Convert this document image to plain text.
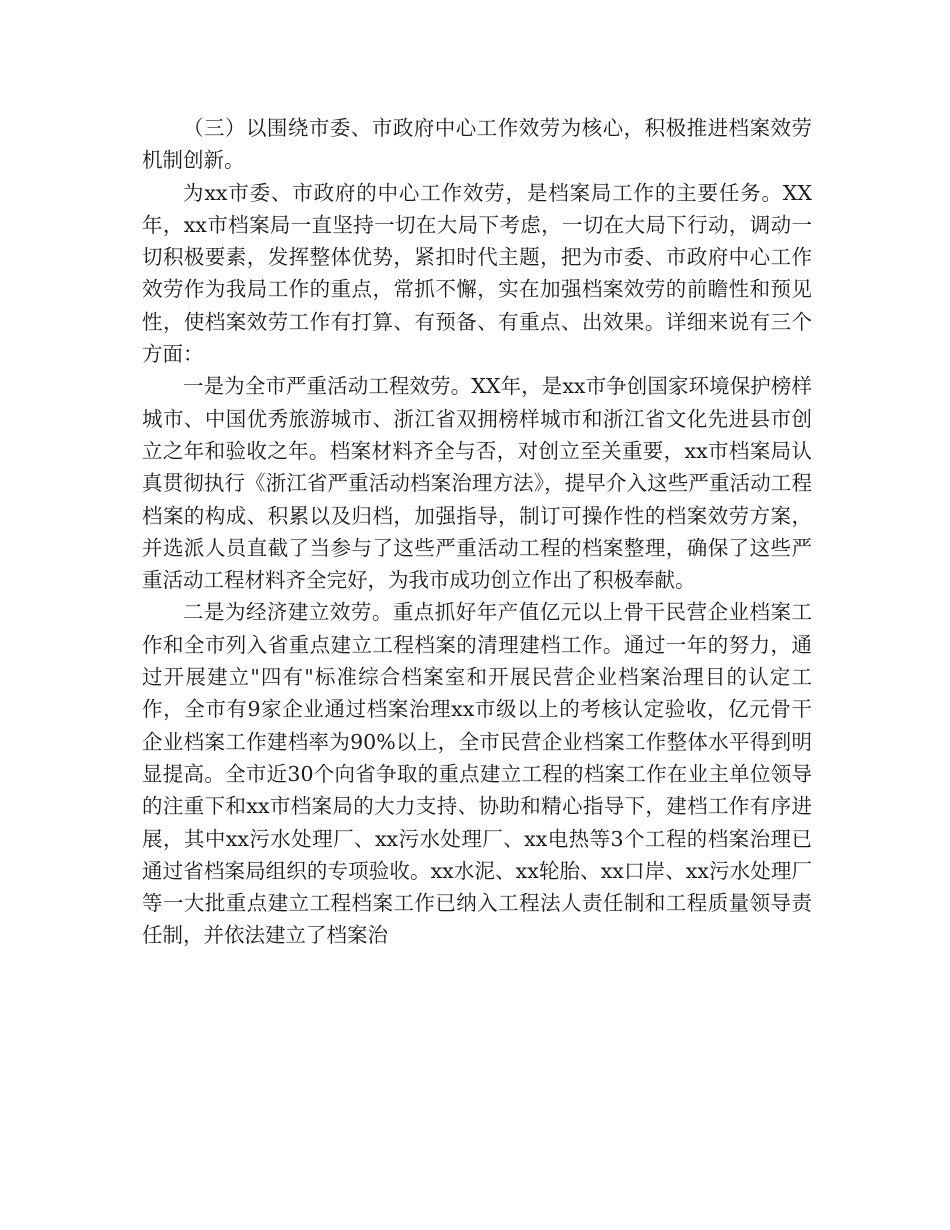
（三）以围绕市委、市政府中心工作效劳为核心，积极推进档案效劳机制创新。

为xx市委、市政府的中心工作效劳，是档案局工作的主要任务。XX年，xx市档案局一直坚持一切在大局下考虑，一切在大局下行动，调动一切积极要素，发挥整体优势，紧扣时代主题，把为市委、市政府中心工作效劳作为我局工作的重点，常抓不懈，实在加强档案效劳的前瞻性和预见性，使档案效劳工作有打算、有预备、有重点、出效果。详细来说有三个方面：

一是为全市严重活动工程效劳。XX年，是xx市争创国家环境保护榜样城市、中国优秀旅游城市、浙江省双拥榜样城市和浙江省文化先进县市创立之年和验收之年。档案材料齐全与否，对创立至关重要，xx市档案局认真贯彻执行《浙江省严重活动档案治理方法》，提早介入这些严重活动工程档案的构成、积累以及归档，加强指导，制订可操作性的档案效劳方案，并选派人员直截了当参与了这些严重活动工程的档案整理，确保了这些严重活动工程材料齐全完好，为我市成功创立作出了积极奉献。

二是为经济建立效劳。重点抓好年产值亿元以上骨干民营企业档案工作和全市列入省重点建立工程档案的清理建档工作。通过一年的努力，通过开展建立"四有"标准综合档案室和开展民营企业档案治理目的认定工作，全市有9家企业通过档案治理xx市级以上的考核认定验收，亿元骨干企业档案工作建档率为90%以上，全市民营企业档案工作整体水平得到明显提高。全市近30个向省争取的重点建立工程的档案工作在业主单位领导的注重下和xx市档案局的大力支持、协助和精心指导下，建档工作有序进展，其中xx污水处理厂、xx污水处理厂、xx电热等3个工程的档案治理已通过省档案局组织的专项验收。xx水泥、xx轮胎、xx口岸、xx污水处理厂等一大批重点建立工程档案工作已纳入工程法人责任制和工程质量领导责任制，并依法建立了档案治
